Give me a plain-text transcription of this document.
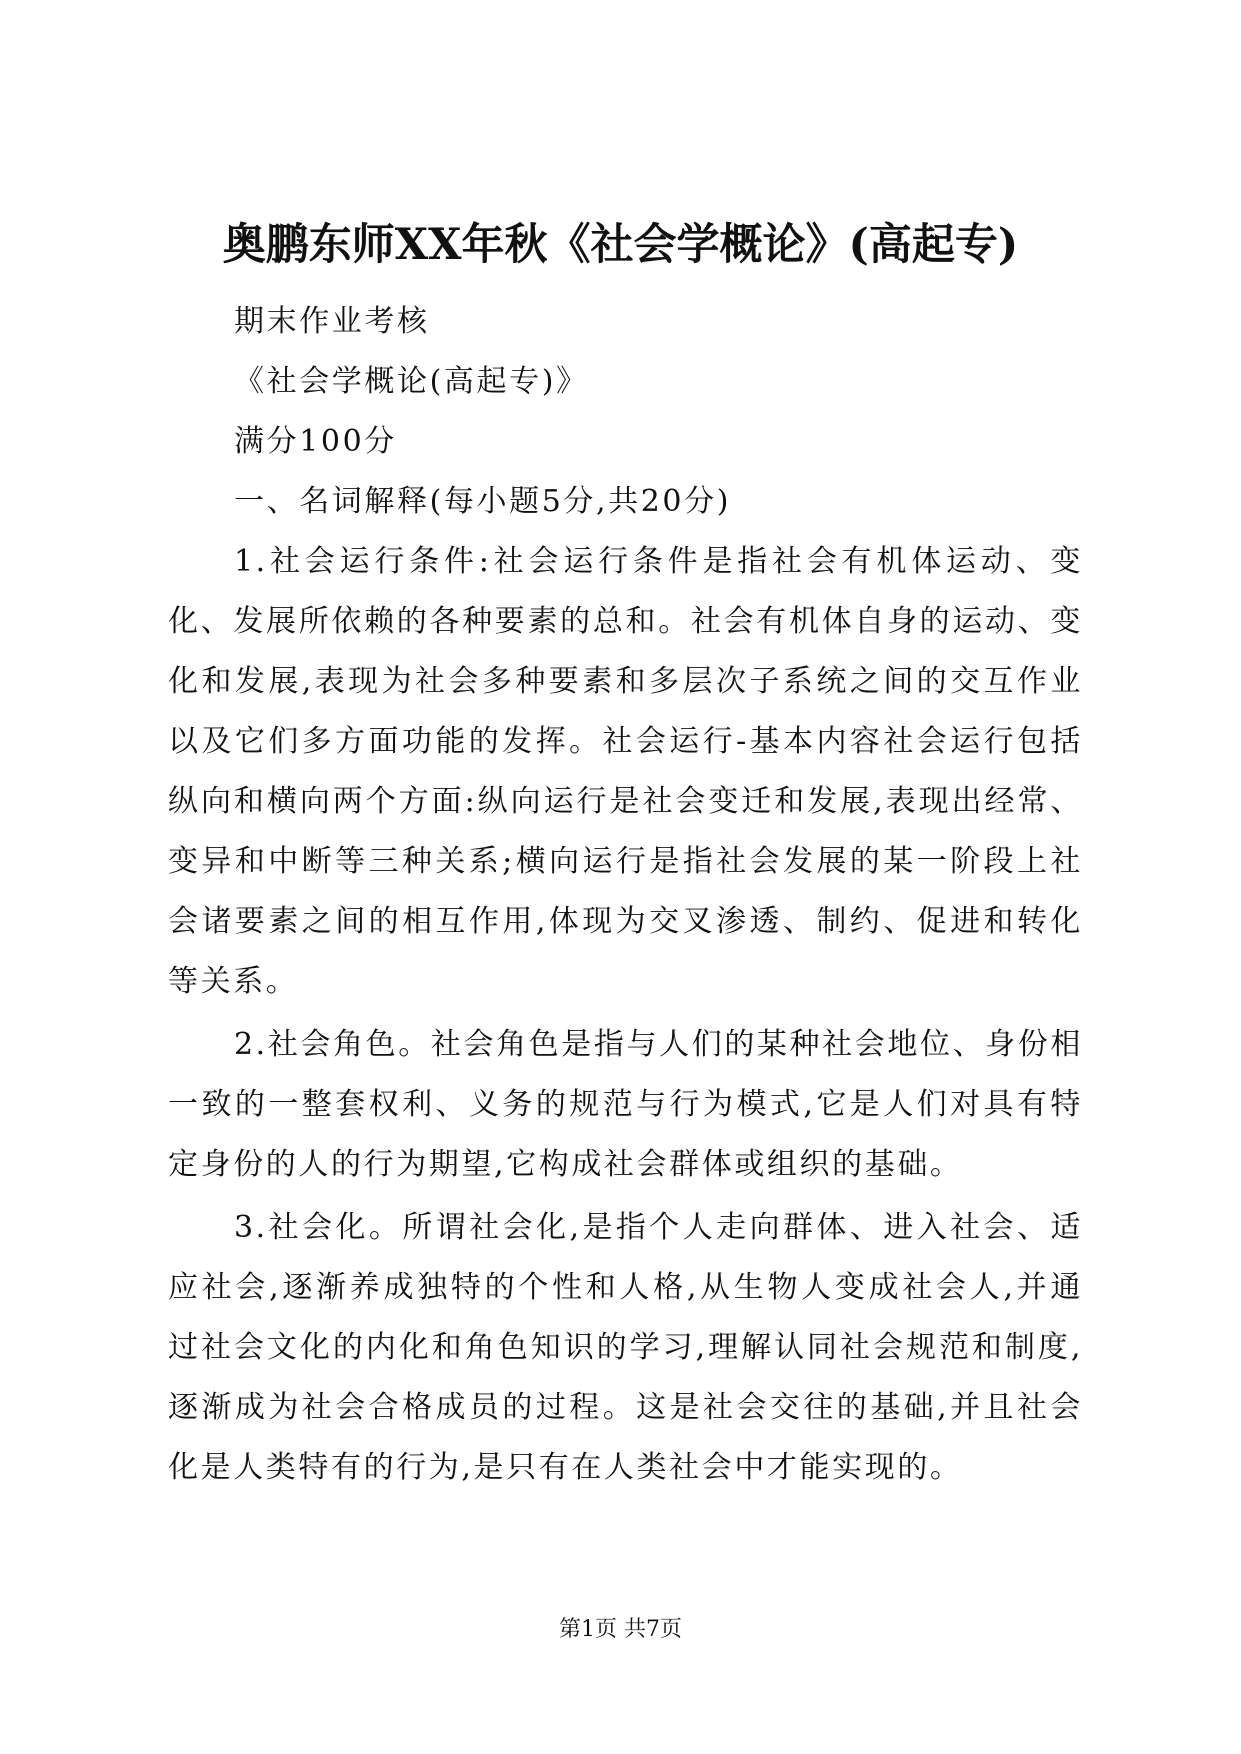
奥鹏东师XX年秋《社会学概论》(高起专)

期末作业考核

《社会学概论(高起专)》

满分100分

一、名词解释(每小题5分,共20分)

1.社会运行条件:社会运行条件是指社会有机体运动、变化、发展所依赖的各种要素的总和。社会有机体自身的运动、变化和发展,表现为社会多种要素和多层次子系统之间的交互作业以及它们多方面功能的发挥。社会运行-基本内容社会运行包括纵向和横向两个方面:纵向运行是社会变迁和发展,表现出经常、变异和中断等三种关系;横向运行是指社会发展的某一阶段上社会诸要素之间的相互作用,体现为交叉渗透、制约、促进和转化等关系。

2.社会角色。社会角色是指与人们的某种社会地位、身份相一致的一整套权利、义务的规范与行为模式,它是人们对具有特定身份的人的行为期望,它构成社会群体或组织的基础。

3.社会化。所谓社会化,是指个人走向群体、进入社会、适应社会,逐渐养成独特的个性和人格,从生物人变成社会人,并通过社会文化的内化和角色知识的学习,理解认同社会规范和制度,逐渐成为社会合格成员的过程。这是社会交往的基础,并且社会化是人类特有的行为,是只有在人类社会中才能实现的。

第1页 共7页
